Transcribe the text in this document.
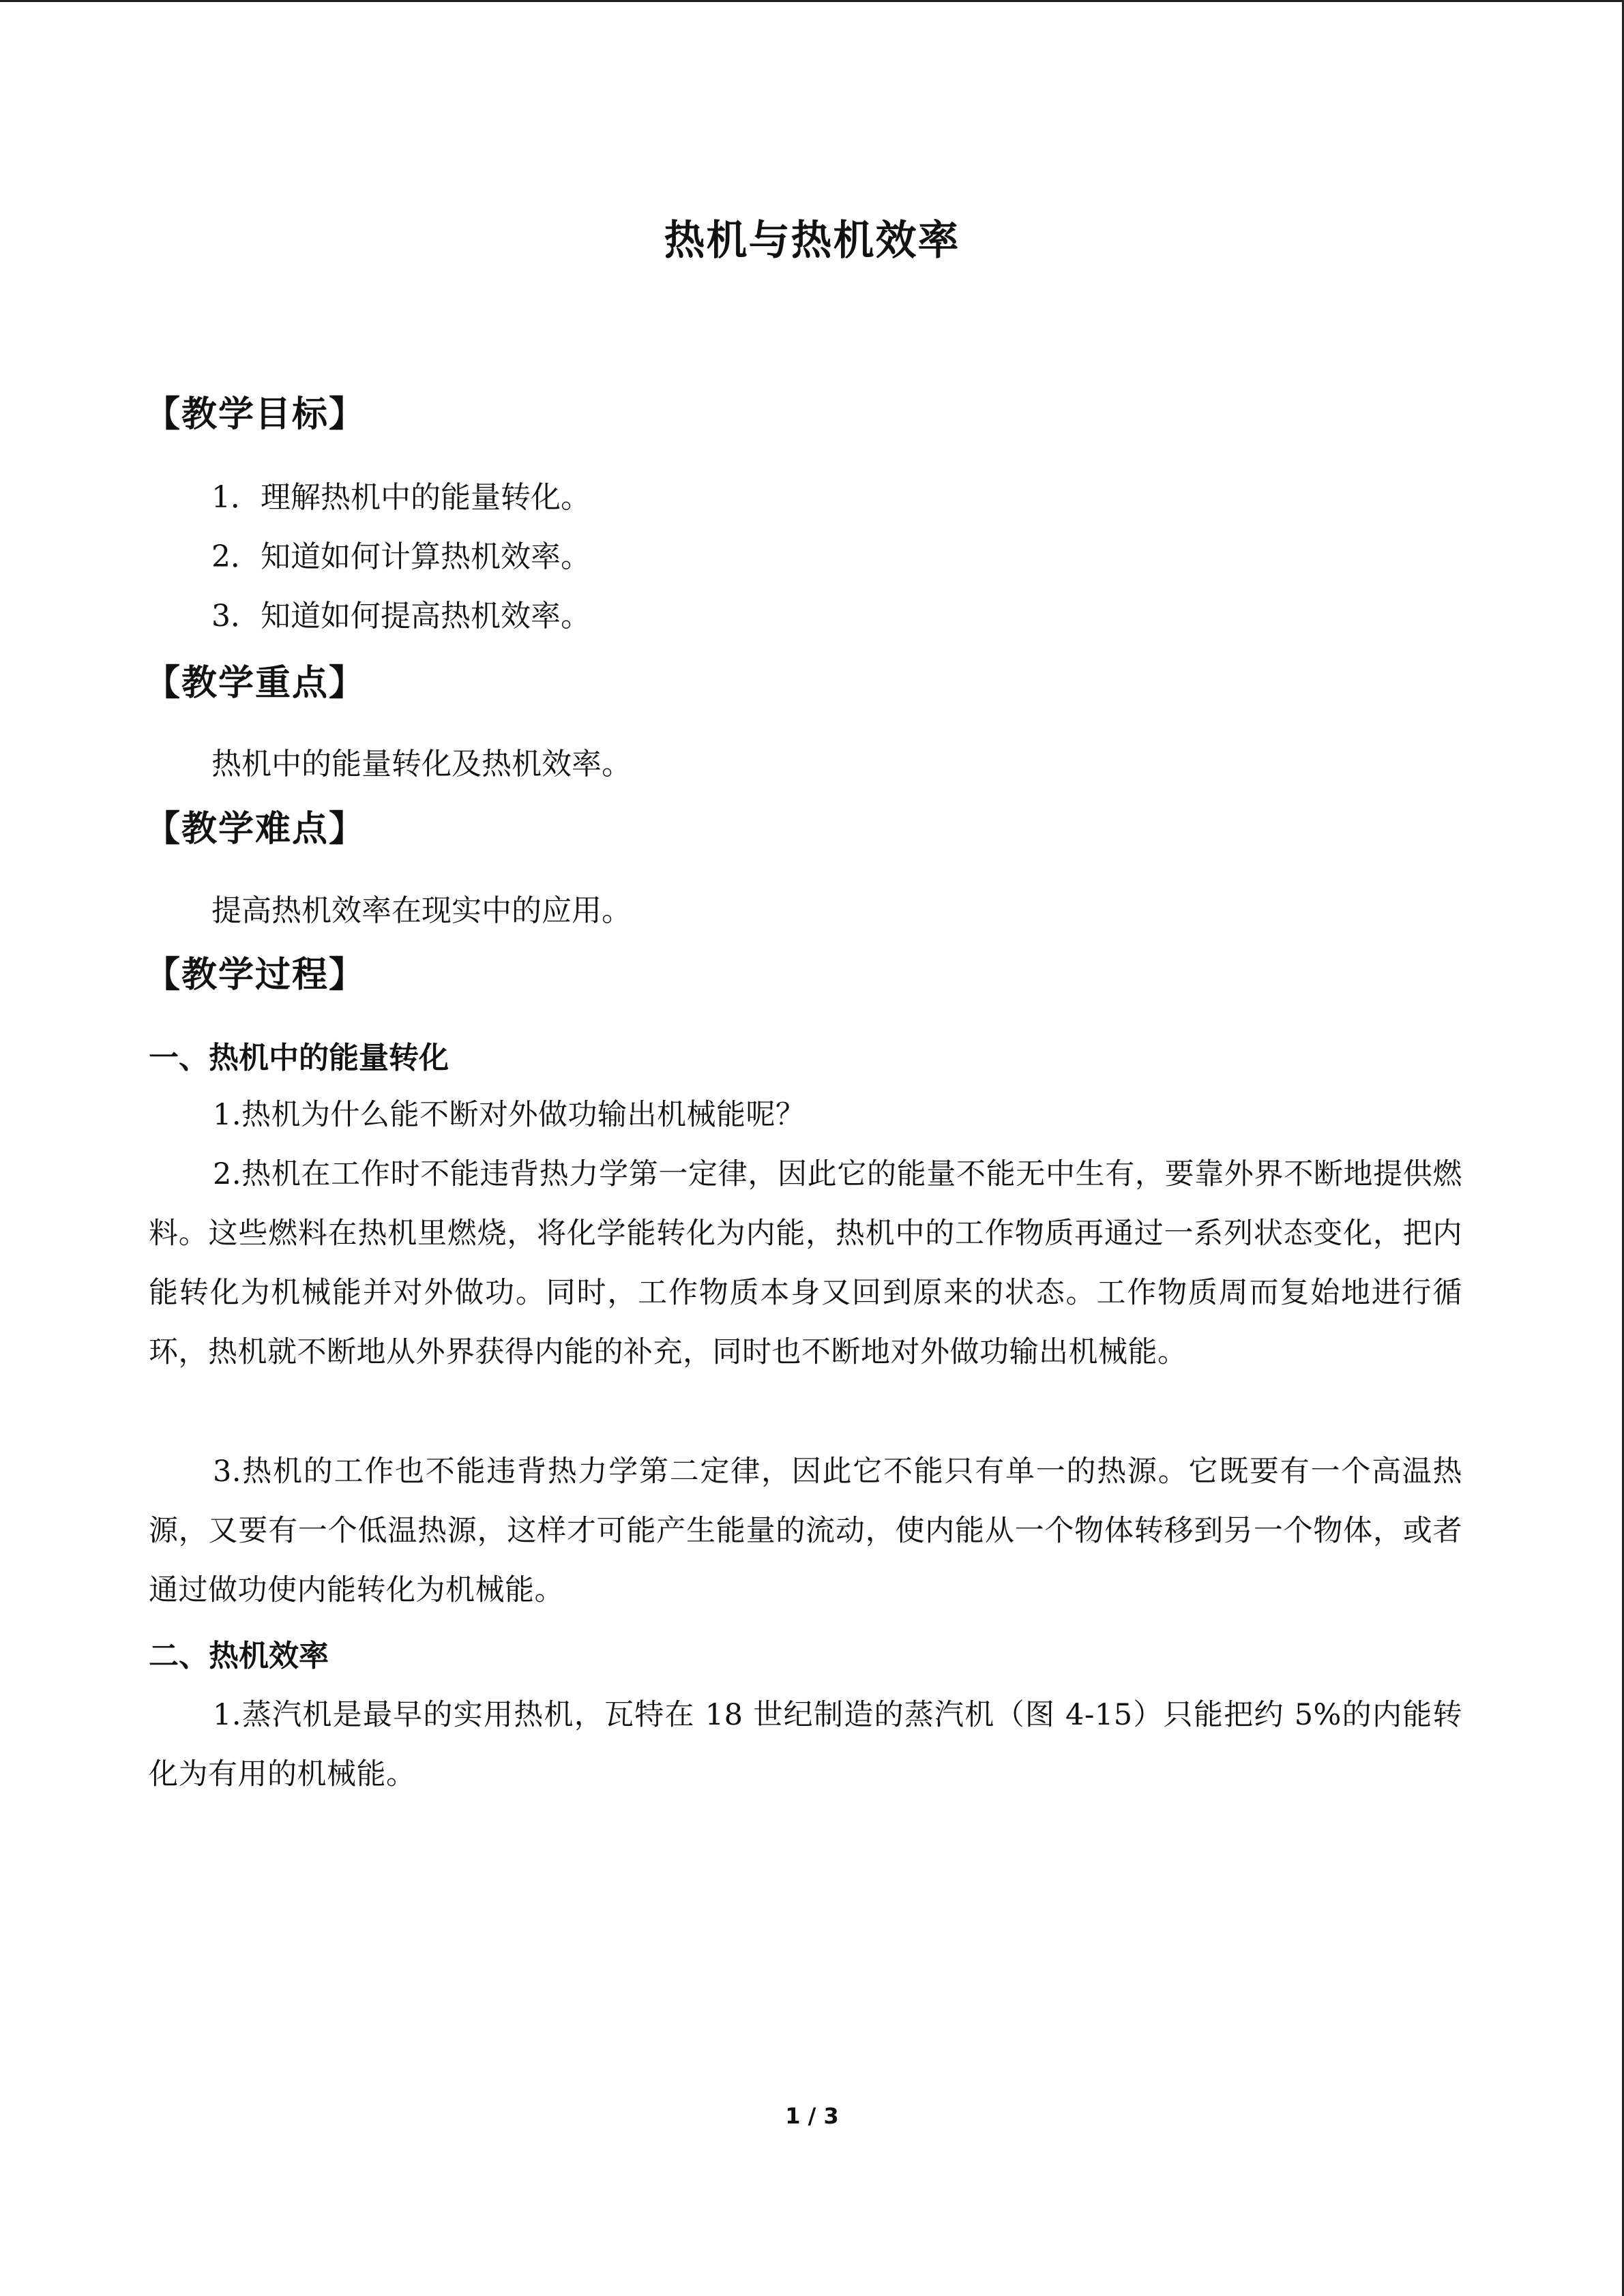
热机与热机效率
【教学目标】
1．理解热机中的能量转化。
2．知道如何计算热机效率。
3．知道如何提高热机效率。
【教学重点】
热机中的能量转化及热机效率。
【教学难点】
提高热机效率在现实中的应用。
【教学过程】
一、热机中的能量转化
1.热机为什么能不断对外做功输出机械能呢？
2.热机在工作时不能违背热力学第一定律，因此它的能量不能无中生有，要靠外界不断地提供燃料。这些燃料在热机里燃烧，将化学能转化为内能，热机中的工作物质再通过一系列状态变化，把内能转化为机械能并对外做功。同时，工作物质本身又回到原来的状态。工作物质周而复始地进行循环，热机就不断地从外界获得内能的补充，同时也不断地对外做功输出机械能。
3.热机的工作也不能违背热力学第二定律，因此它不能只有单一的热源。它既要有一个高温热源，又要有一个低温热源，这样才可能产生能量的流动，使内能从一个物体转移到另一个物体，或者通过做功使内能转化为机械能。
二、热机效率
1.蒸汽机是最早的实用热机，瓦特在 18 世纪制造的蒸汽机（图 4-15）只能把约 5%的内能转化为有用的机械能。
1 / 3
